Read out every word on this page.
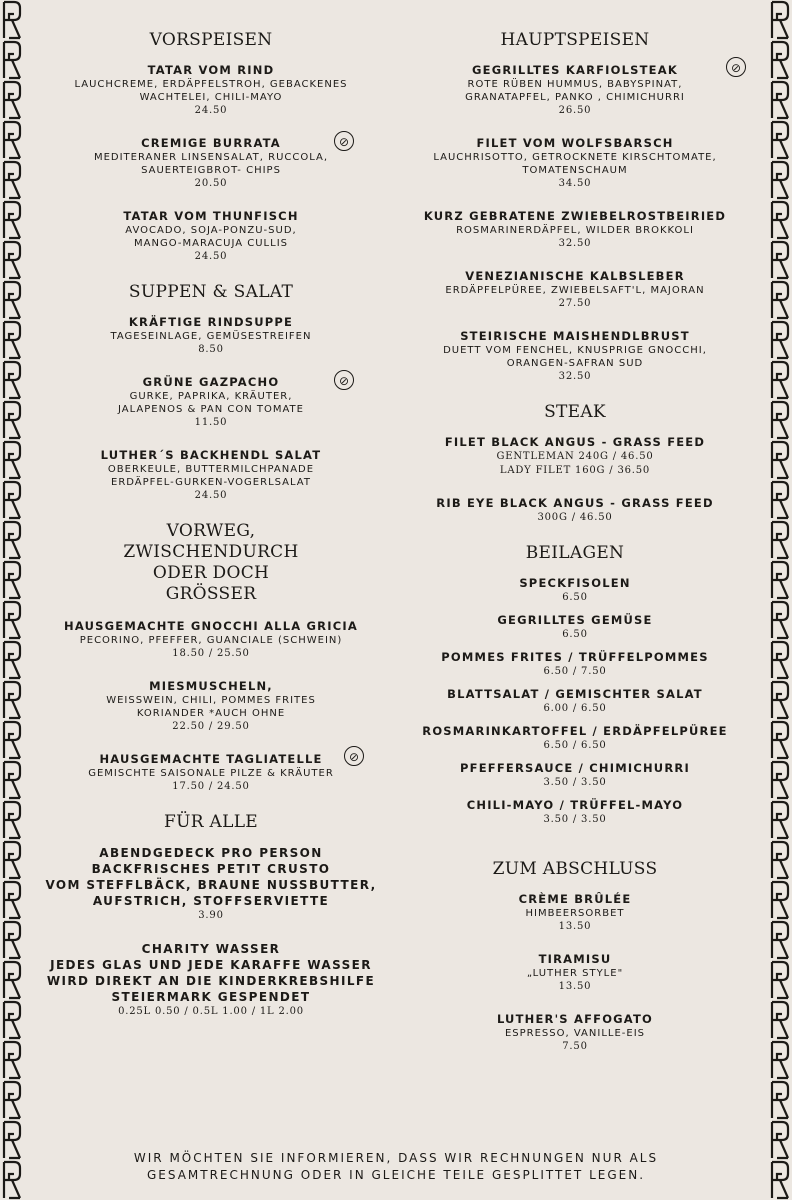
VORSPEISEN
TATAR VOM RIND
LAUCHCREME, ERDÄPFELSTROH, GEBACKENES
WACHTELEI, CHILI-MAYO
24.50
CREMIGE BURRATA	⊘
MEDITERANER LINSENSALAT, RUCCOLA,
SAUERTEIGBROT- CHIPS
20.50
TATAR VOM THUNFISCH
AVOCADO, SOJA-PONZU-SUD,
MANGO-MARACUJA CULLIS
24.50
SUPPEN & SALAT
KRÄFTIGE RINDSUPPE
TAGESEINLAGE, GEMÜSESTREIFEN
8.50
GRÜNE GAZPACHO	⊘
GURKE, PAPRIKA, KRÄUTER,
JALAPENOS & PAN CON TOMATE
11.50
LUTHER´S BACKHENDL SALAT
OBERKEULE, BUTTERMILCHPANADE
ERDÄPFEL-GURKEN-VOGERLSALAT
24.50
VORWEG,
ZWISCHENDURCH
ODER DOCH
GRÖSSER
HAUSGEMACHTE GNOCCHI ALLA GRICIA
PECORINO, PFEFFER, GUANCIALE (SCHWEIN)
18.50 / 25.50
MIESMUSCHELN,
WEISSWEIN, CHILI, POMMES FRITES
KORIANDER *AUCH OHNE
22.50 / 29.50
HAUSGEMACHTE TAGLIATELLE	⊘
GEMISCHTE SAISONALE PILZE & KRÄUTER
17.50 / 24.50
FÜR ALLE
ABENDGEDECK PRO PERSON
BACKFRISCHES PETIT CRUSTO
VOM STEFFLBÄCK, BRAUNE NUSSBUTTER,
AUFSTRICH, STOFFSERVIETTE
3.90
CHARITY WASSER
JEDES GLAS UND JEDE KARAFFE WASSER
WIRD DIREKT AN DIE KINDERKREBSHILFE
STEIERMARK GESPENDET
0.25L 0.50 / 0.5L 1.00 / 1L 2.00
HAUPTSPEISEN
GEGRILLTES KARFIOLSTEAK	⊘
ROTE RÜBEN HUMMUS, BABYSPINAT,
GRANATAPFEL, PANKO , CHIMICHURRI
26.50
FILET VOM WOLFSBARSCH
LAUCHRISOTTO, GETROCKNETE KIRSCHTOMATE,
TOMATENSCHAUM
34.50
KURZ GEBRATENE ZWIEBELROSTBEIRIED
ROSMARINERDÄPFEL, WILDER BROKKOLI
32.50
VENEZIANISCHE KALBSLEBER
ERDÄPFELPÜREE, ZWIEBELSAFT'L, MAJORAN
27.50
STEIRISCHE MAISHENDLBRUST
DUETT VOM FENCHEL, KNUSPRIGE GNOCCHI,
ORANGEN-SAFRAN SUD
32.50
STEAK
FILET BLACK ANGUS - GRASS FEED
GENTLEMAN 240G / 46.50
LADY FILET 160G / 36.50
RIB EYE BLACK ANGUS - GRASS FEED
300G / 46.50
BEILAGEN
SPECKFISOLEN
6.50
GEGRILLTES GEMÜSE
6.50
POMMES FRITES / TRÜFFELPOMMES
6.50 / 7.50
BLATTSALAT / GEMISCHTER SALAT
6.00 / 6.50
ROSMARINKARTOFFEL / ERDÄPFELPÜREE
6.50 / 6.50
PFEFFERSAUCE / CHIMICHURRI
3.50 / 3.50
CHILI-MAYO / TRÜFFEL-MAYO
3.50 / 3.50
ZUM ABSCHLUSS
CRÈME BRÛLÉE
HIMBEERSORBET
13.50
TIRAMISU
„LUTHER STYLE"
13.50
LUTHER'S AFFOGATO
ESPRESSO, VANILLE-EIS
7.50
WIR MÖCHTEN SIE INFORMIEREN, DASS WIR RECHNUNGEN NUR ALS
GESAMTRECHNUNG ODER IN GLEICHE TEILE GESPLITTET LEGEN.
